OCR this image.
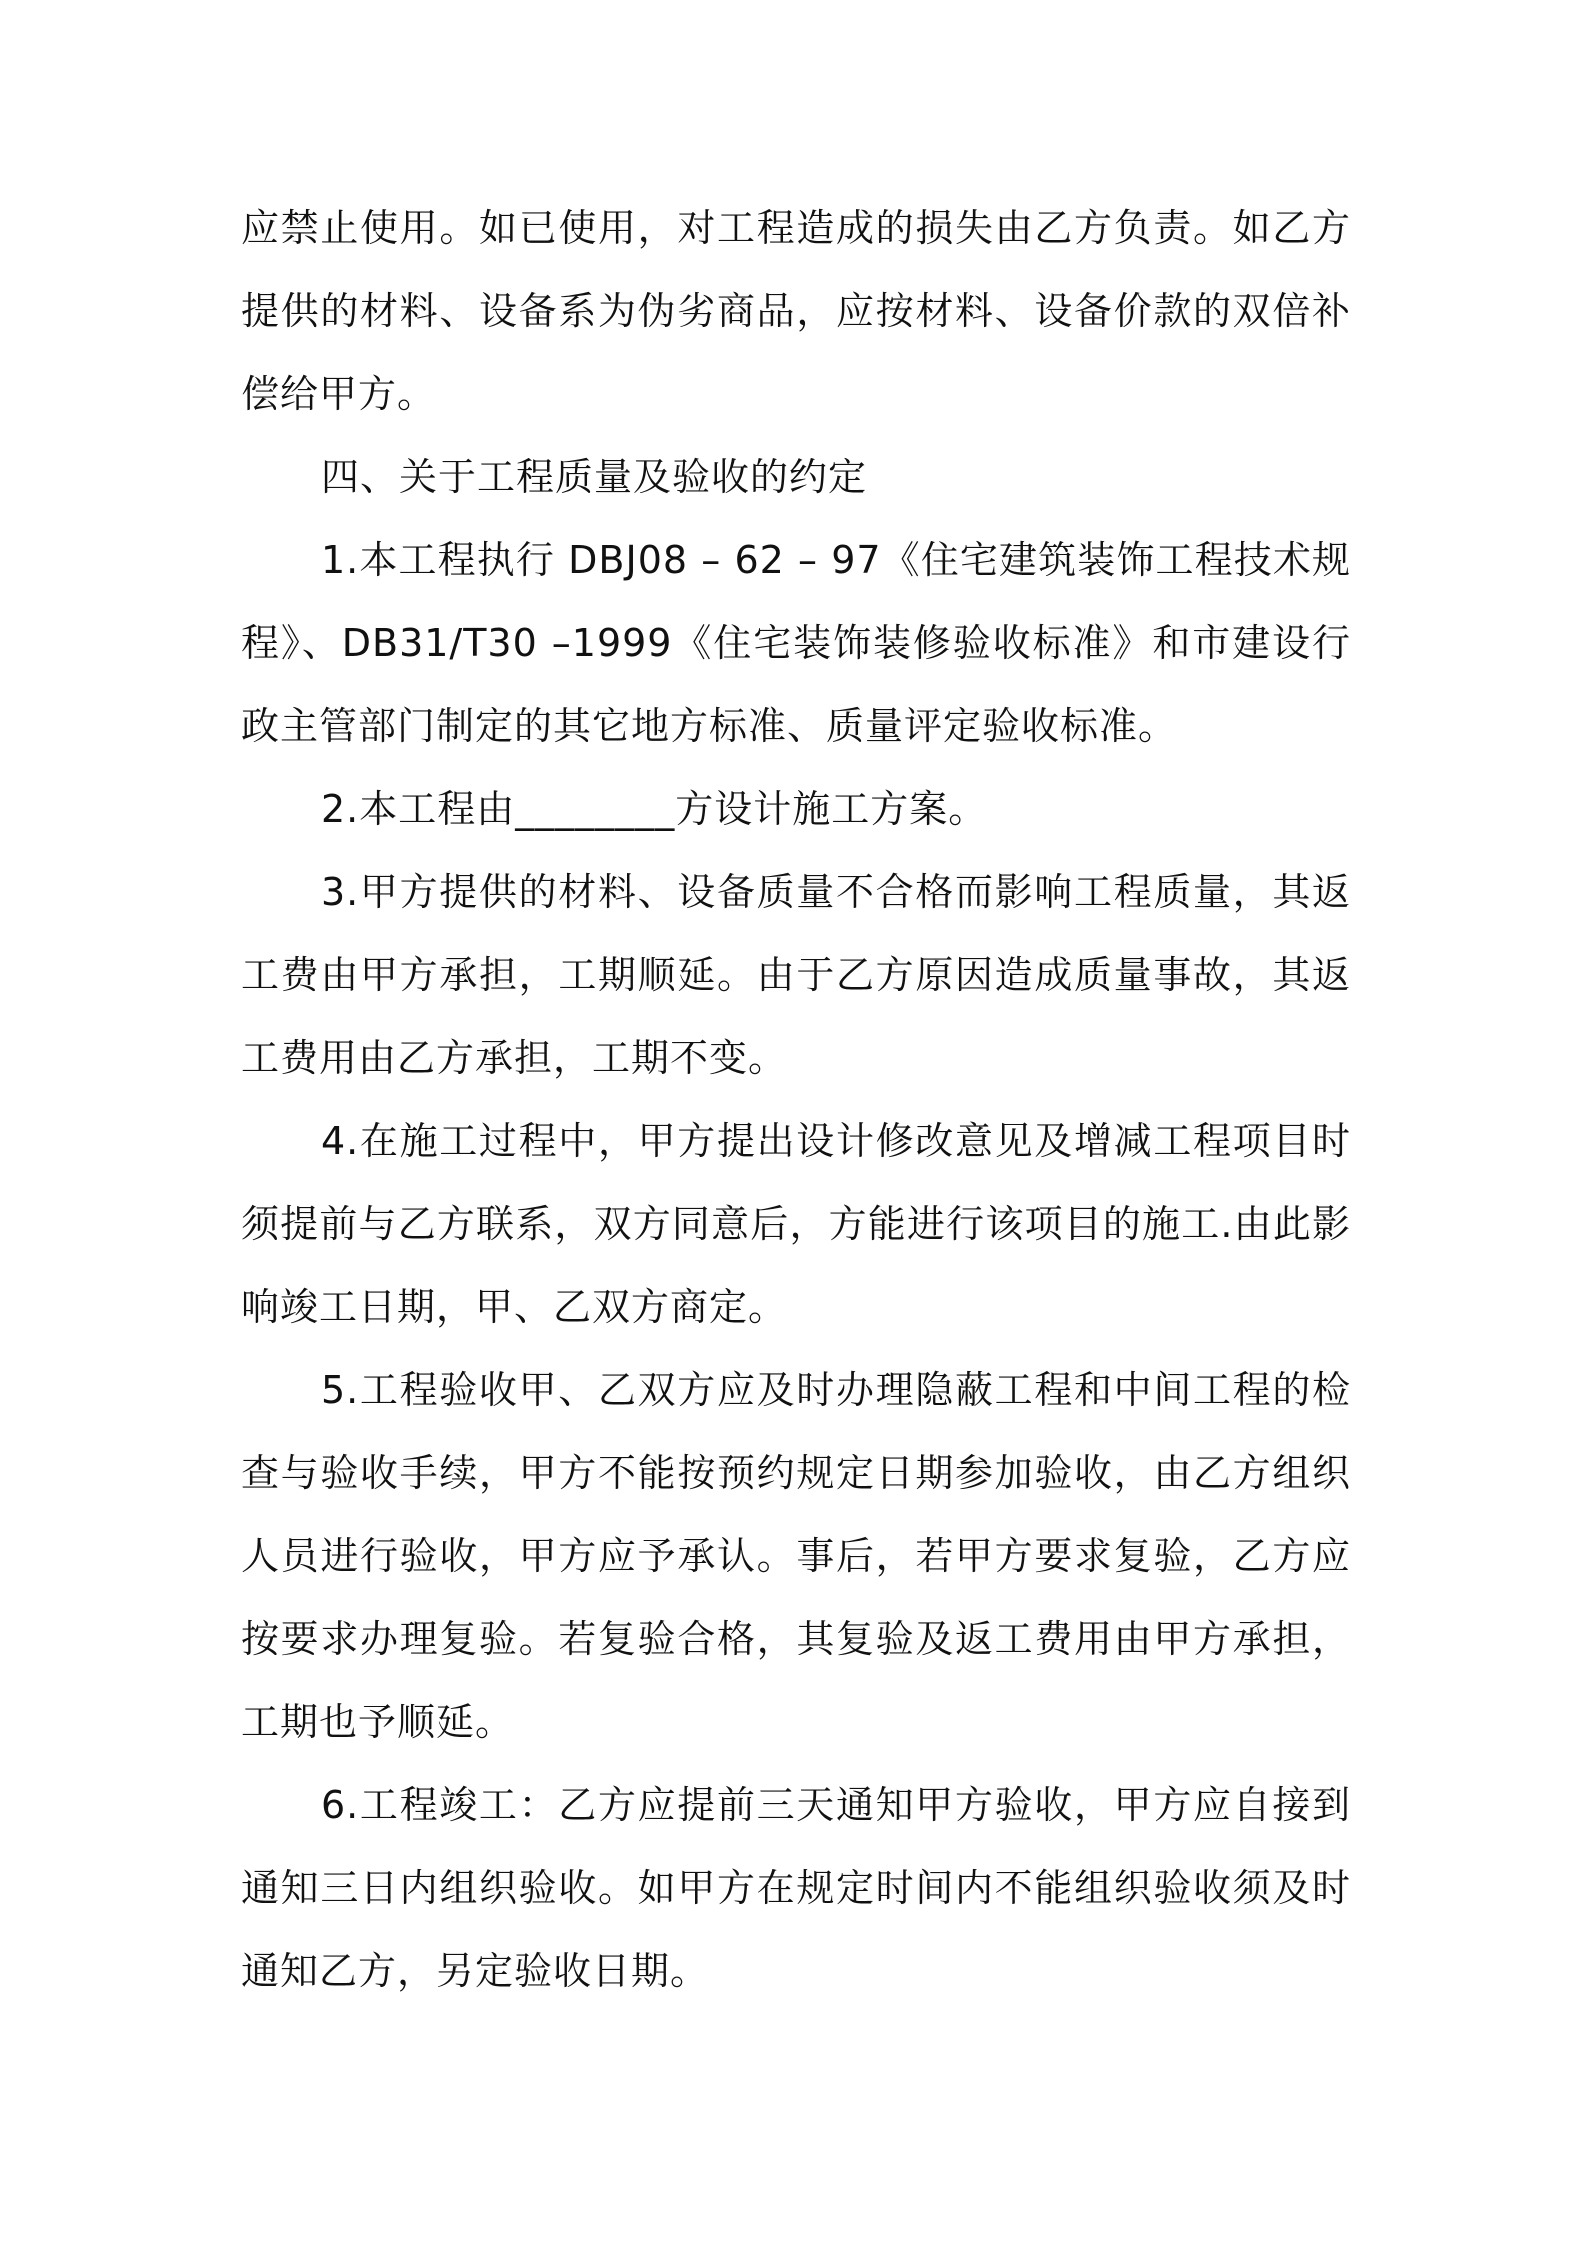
应禁止使用。如已使用，对工程造成的损失由乙方负责。如乙方提供的材料、设备系为伪劣商品，应按材料、设备价款的双倍补偿给甲方。

四、关于工程质量及验收的约定

1.本工程执行 DBJ08 – 62 – 97《住宅建筑装饰工程技术规程》、DB31/T30 –1999《住宅装饰装修验收标准》和市建设行政主管部门制定的其它地方标准、质量评定验收标准。

2.本工程由________方设计施工方案。

3.甲方提供的材料、设备质量不合格而影响工程质量，其返工费由甲方承担，工期顺延。由于乙方原因造成质量事故，其返工费用由乙方承担，工期不变。

4.在施工过程中，甲方提出设计修改意见及增减工程项目时须提前与乙方联系，双方同意后，方能进行该项目的施工.由此影响竣工日期，甲、乙双方商定。

5.工程验收甲、乙双方应及时办理隐蔽工程和中间工程的检查与验收手续，甲方不能按预约规定日期参加验收，由乙方组织人员进行验收，甲方应予承认。事后，若甲方要求复验，乙方应按要求办理复验。若复验合格，其复验及返工费用由甲方承担，工期也予顺延。

6.工程竣工：乙方应提前三天通知甲方验收，甲方应自接到通知三日内组织验收。如甲方在规定时间内不能组织验收须及时通知乙方，另定验收日期。
